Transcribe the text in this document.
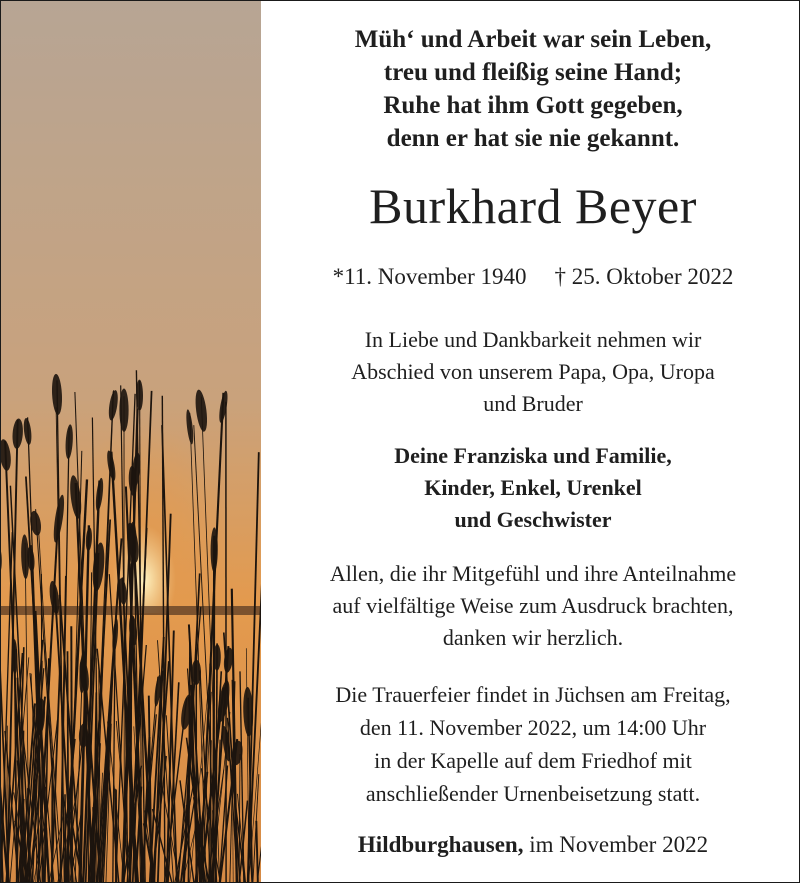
Müh‘ und Arbeit war sein Leben,
treu und fleißig seine Hand;
Ruhe hat ihm Gott gegeben,
denn er hat sie nie gekannt.
Burkhard Beyer
*11. November 1940 † 25. Oktober 2022
In Liebe und Dankbarkeit nehmen wir
Abschied von unserem Papa, Opa, Uropa
und Bruder
Deine Franziska und Familie,
Kinder, Enkel, Urenkel
und Geschwister
Allen, die ihr Mitgefühl und ihre Anteilnahme
auf vielfältige Weise zum Ausdruck brachten,
danken wir herzlich.
Die Trauerfeier findet in Jüchsen am Freitag,
den 11. November 2022, um 14:00 Uhr
in der Kapelle auf dem Friedhof mit
anschließender Urnenbeisetzung statt.
Hildburghausen, im November 2022
